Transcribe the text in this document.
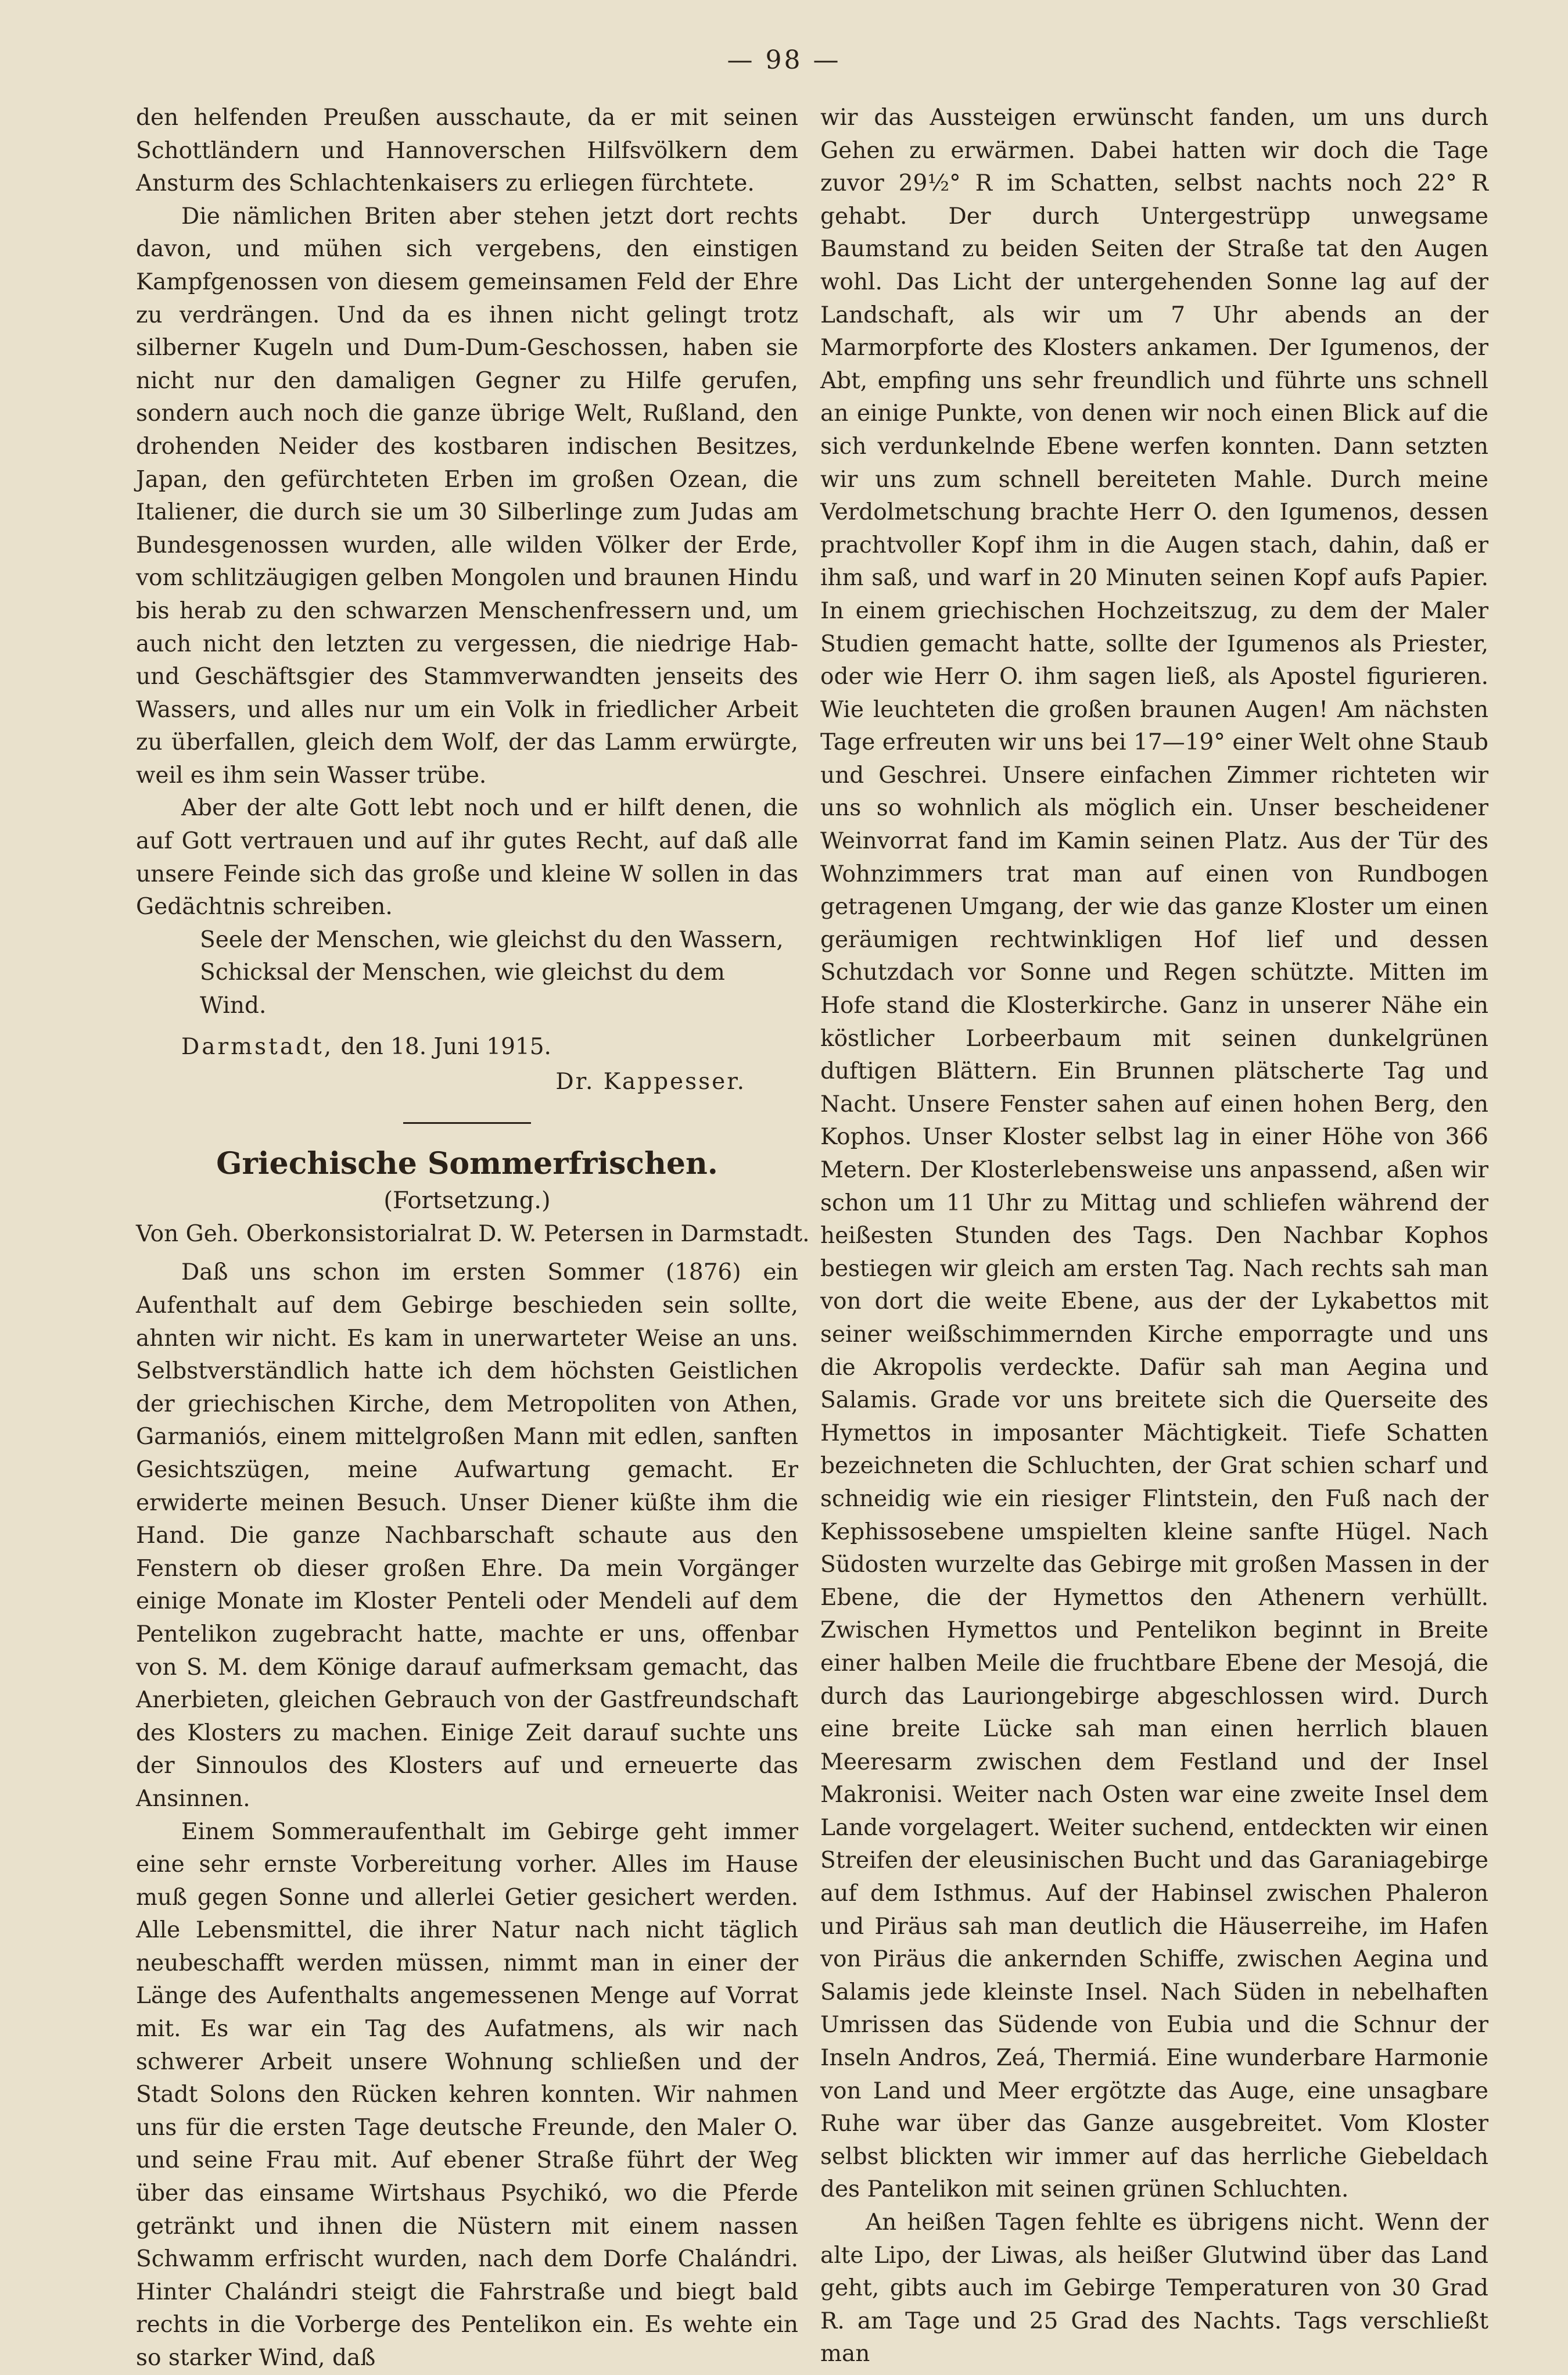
— 98 —

den helfenden Preußen ausschaute, da er mit seinen Schottländern und Hannoverschen Hilfsvölkern dem Ansturm des Schlachtenkaisers zu erliegen fürchtete.

Die nämlichen Briten aber stehen jetzt dort rechts davon, und mühen sich vergebens, den einstigen Kampfgenossen von diesem gemeinsamen Feld der Ehre zu verdrängen. Und da es ihnen nicht gelingt trotz silberner Kugeln und Dum-Dum-Geschossen, haben sie nicht nur den damaligen Gegner zu Hilfe gerufen, sondern auch noch die ganze übrige Welt, Rußland, den drohenden Neider des kostbaren indischen Besitzes, Japan, den gefürchteten Erben im großen Ozean, die Italiener, die durch sie um 30 Silberlinge zum Judas am Bundesgenossen wurden, alle wilden Völker der Erde, vom schlitzäugigen gelben Mongolen und braunen Hindu bis herab zu den schwarzen Menschenfressern und, um auch nicht den letzten zu vergessen, die niedrige Hab- und Geschäftsgier des Stammverwandten jenseits des Wassers, und alles nur um ein Volk in friedlicher Arbeit zu überfallen, gleich dem Wolf, der das Lamm erwürgte, weil es ihm sein Wasser trübe.

Aber der alte Gott lebt noch und er hilft denen, die auf Gott vertrauen und auf ihr gutes Recht, auf daß alle unsere Feinde sich das große und kleine W sollen in das Gedächtnis schreiben.

Seele der Menschen, wie gleichst du den Wassern,
Schicksal der Menschen, wie gleichst du dem Wind.

Darmstadt, den 18. Juni 1915.

Dr. Kappesser.

Griechische Sommerfrischen.

(Fortsetzung.)

Von Geh. Oberkonsistorialrat D. W. Petersen in Darmstadt.

Daß uns schon im ersten Sommer (1876) ein Aufenthalt auf dem Gebirge beschieden sein sollte, ahnten wir nicht. Es kam in unerwarteter Weise an uns. Selbstverständlich hatte ich dem höchsten Geistlichen der griechischen Kirche, dem Metropoliten von Athen, Garmaniós, einem mittelgroßen Mann mit edlen, sanften Gesichtszügen, meine Aufwartung gemacht. Er erwiderte meinen Besuch. Unser Diener küßte ihm die Hand. Die ganze Nachbarschaft schaute aus den Fenstern ob dieser großen Ehre. Da mein Vorgänger einige Monate im Kloster Penteli oder Mendeli auf dem Pentelikon zugebracht hatte, machte er uns, offenbar von S. M. dem Könige darauf aufmerksam gemacht, das Anerbieten, gleichen Gebrauch von der Gastfreundschaft des Klosters zu machen. Einige Zeit darauf suchte uns der Sinnoulos des Klosters auf und erneuerte das Ansinnen.

Einem Sommeraufenthalt im Gebirge geht immer eine sehr ernste Vorbereitung vorher. Alles im Hause muß gegen Sonne und allerlei Getier gesichert werden. Alle Lebensmittel, die ihrer Natur nach nicht täglich neubeschafft werden müssen, nimmt man in einer der Länge des Aufenthalts angemessenen Menge auf Vorrat mit. Es war ein Tag des Aufatmens, als wir nach schwerer Arbeit unsere Wohnung schließen und der Stadt Solons den Rücken kehren konnten. Wir nahmen uns für die ersten Tage deutsche Freunde, den Maler O. und seine Frau mit. Auf ebener Straße führt der Weg über das einsame Wirtshaus Psychikó, wo die Pferde getränkt und ihnen die Nüstern mit einem nassen Schwamm erfrischt wurden, nach dem Dorfe Chalándri. Hinter Chalándri steigt die Fahrstraße und biegt bald rechts in die Vorberge des Pentelikon ein. Es wehte ein so starker Wind, daß

wir das Aussteigen erwünscht fanden, um uns durch Gehen zu erwärmen. Dabei hatten wir doch die Tage zuvor 29½° R im Schatten, selbst nachts noch 22° R gehabt. Der durch Untergestrüpp unwegsame Baumstand zu beiden Seiten der Straße tat den Augen wohl. Das Licht der untergehenden Sonne lag auf der Landschaft, als wir um 7 Uhr abends an der Marmorpforte des Klosters ankamen. Der Igumenos, der Abt, empfing uns sehr freundlich und führte uns schnell an einige Punkte, von denen wir noch einen Blick auf die sich verdunkelnde Ebene werfen konnten. Dann setzten wir uns zum schnell bereiteten Mahle. Durch meine Verdolmetschung brachte Herr O. den Igumenos, dessen prachtvoller Kopf ihm in die Augen stach, dahin, daß er ihm saß, und warf in 20 Minuten seinen Kopf aufs Papier. In einem griechischen Hochzeitszug, zu dem der Maler Studien gemacht hatte, sollte der Igumenos als Priester, oder wie Herr O. ihm sagen ließ, als Apostel figurieren. Wie leuchteten die großen braunen Augen! Am nächsten Tage erfreuten wir uns bei 17—19° einer Welt ohne Staub und Geschrei. Unsere einfachen Zimmer richteten wir uns so wohnlich als möglich ein. Unser bescheidener Weinvorrat fand im Kamin seinen Platz. Aus der Tür des Wohnzimmers trat man auf einen von Rundbogen getragenen Umgang, der wie das ganze Kloster um einen geräumigen rechtwinkligen Hof lief und dessen Schutzdach vor Sonne und Regen schützte. Mitten im Hofe stand die Klosterkirche. Ganz in unserer Nähe ein köstlicher Lorbeerbaum mit seinen dunkelgrünen duftigen Blättern. Ein Brunnen plätscherte Tag und Nacht. Unsere Fenster sahen auf einen hohen Berg, den Kophos. Unser Kloster selbst lag in einer Höhe von 366 Metern. Der Klosterlebensweise uns anpassend, aßen wir schon um 11 Uhr zu Mittag und schliefen während der heißesten Stunden des Tags. Den Nachbar Kophos bestiegen wir gleich am ersten Tag. Nach rechts sah man von dort die weite Ebene, aus der der Lykabettos mit seiner weißschimmernden Kirche emporragte und uns die Akropolis verdeckte. Dafür sah man Aegina und Salamis. Grade vor uns breitete sich die Querseite des Hymettos in imposanter Mächtigkeit. Tiefe Schatten bezeichneten die Schluchten, der Grat schien scharf und schneidig wie ein riesiger Flintstein, den Fuß nach der Kephissosebene umspielten kleine sanfte Hügel. Nach Südosten wurzelte das Gebirge mit großen Massen in der Ebene, die der Hymettos den Athenern verhüllt. Zwischen Hymettos und Pentelikon beginnt in Breite einer halben Meile die fruchtbare Ebene der Mesojá, die durch das Lauriongebirge abgeschlossen wird. Durch eine breite Lücke sah man einen herrlich blauen Meeresarm zwischen dem Festland und der Insel Makronisi. Weiter nach Osten war eine zweite Insel dem Lande vorgelagert. Weiter suchend, entdeckten wir einen Streifen der eleusinischen Bucht und das Garaniagebirge auf dem Isthmus. Auf der Habinsel zwischen Phaleron und Piräus sah man deutlich die Häuserreihe, im Hafen von Piräus die ankernden Schiffe, zwischen Aegina und Salamis jede kleinste Insel. Nach Süden in nebelhaften Umrissen das Südende von Eubia und die Schnur der Inseln Andros, Zeá, Thermiá. Eine wunderbare Harmonie von Land und Meer ergötzte das Auge, eine unsagbare Ruhe war über das Ganze ausgebreitet. Vom Kloster selbst blickten wir immer auf das herrliche Giebeldach des Pantelikon mit seinen grünen Schluchten.

An heißen Tagen fehlte es übrigens nicht. Wenn der alte Lipo, der Liwas, als heißer Glutwind über das Land geht, gibts auch im Gebirge Temperaturen von 30 Grad R. am Tage und 25 Grad des Nachts. Tags verschließt man
